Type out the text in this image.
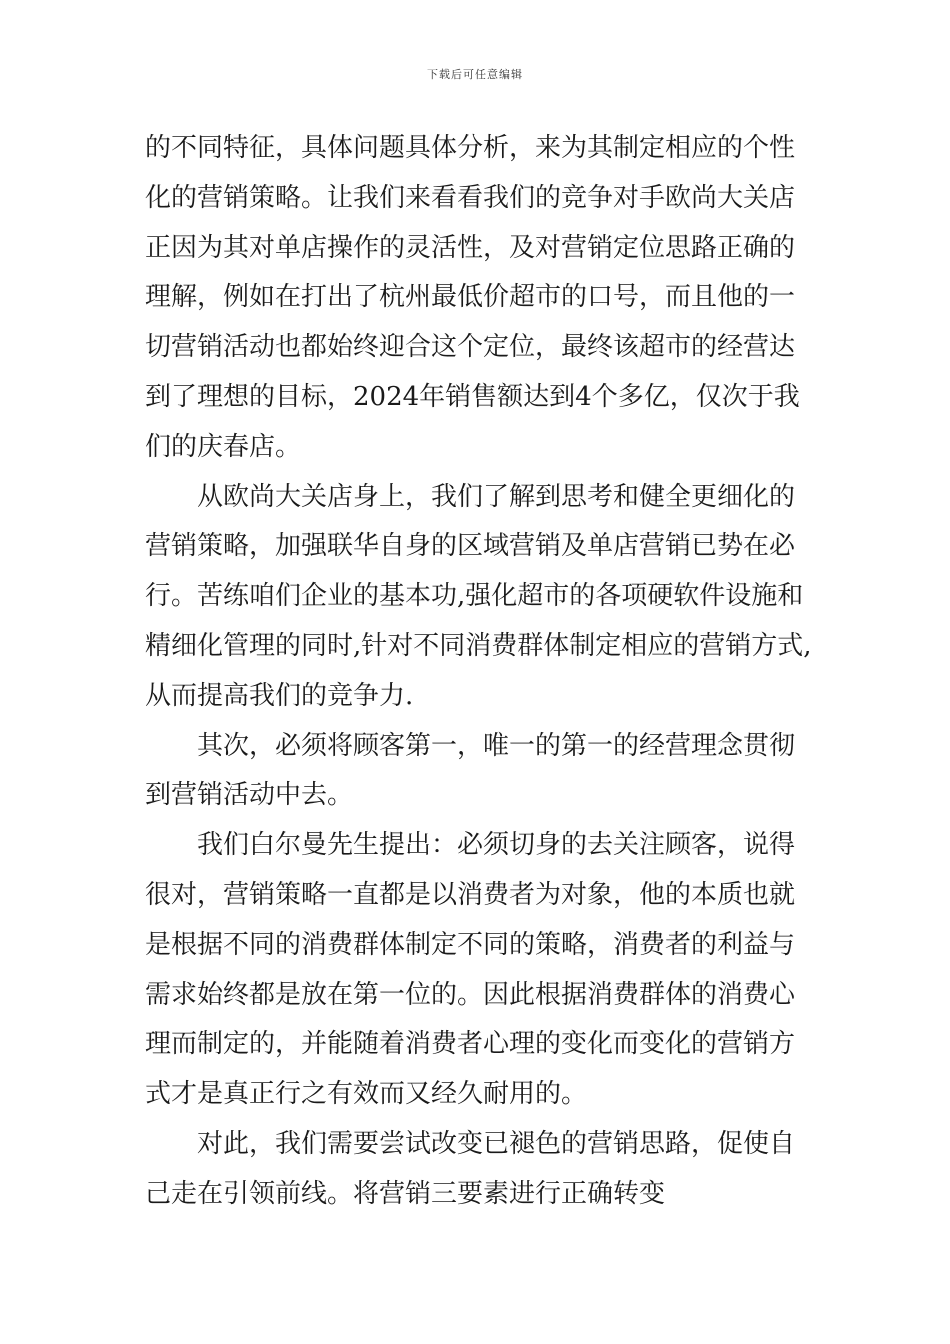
下载后可任意编辑
的不同特征，具体问题具体分析，来为其制定相应的个性
化的营销策略。让我们来看看我们的竞争对手欧尚大关店
正因为其对单店操作的灵活性，及对营销定位思路正确的
理解，例如在打出了杭州最低价超市的口号，而且他的一
切营销活动也都始终迎合这个定位，最终该超市的经营达
到了理想的目标，2024年销售额达到4个多亿，仅次于我
们的庆春店。
从欧尚大关店身上，我们了解到思考和健全更细化的
营销策略，加强联华自身的区域营销及单店营销已势在必
行。苦练咱们企业的基本功,强化超市的各项硬软件设施和
精细化管理的同时,针对不同消费群体制定相应的营销方式,
从而提高我们的竞争力.
其次，必须将顾客第一，唯一的第一的经营理念贯彻
到营销活动中去。
我们白尔曼先生提出：必须切身的去关注顾客，说得
很对，营销策略一直都是以消费者为对象，他的本质也就
是根据不同的消费群体制定不同的策略，消费者的利益与
需求始终都是放在第一位的。因此根据消费群体的消费心
理而制定的，并能随着消费者心理的变化而变化的营销方
式才是真正行之有效而又经久耐用的。
对此，我们需要尝试改变已褪色的营销思路，促使自
己走在引领前线。将营销三要素进行正确转变
